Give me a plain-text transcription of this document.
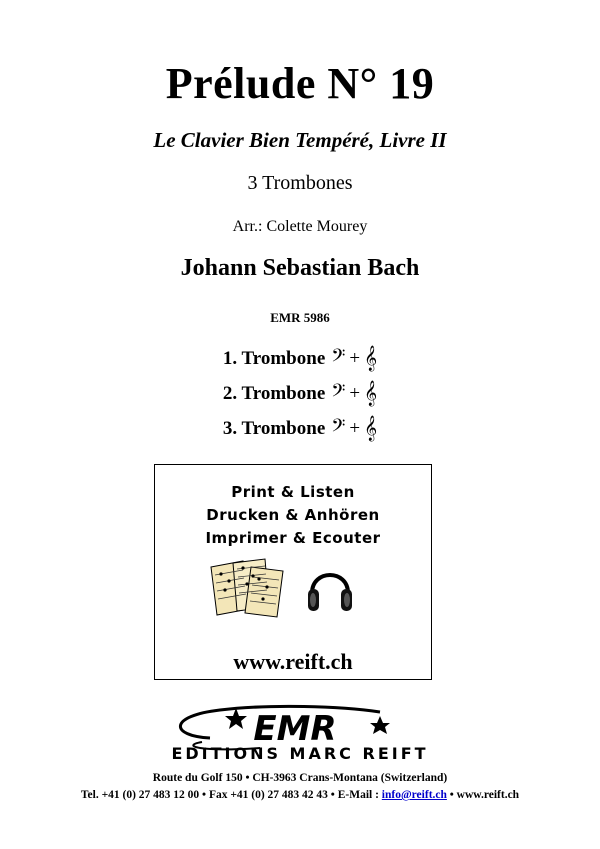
Prélude N° 19
Le Clavier Bien Tempéré, Livre II
3 Trombones
Arr.: Colette Mourey
Johann Sebastian Bach
EMR 5986
1. Trombone 𝄢 + 𝄞
2. Trombone 𝄢 + 𝄞
3. Trombone 𝄢 + 𝄞
Print & Listen
Drucken & Anhören
Imprimer & Ecouter
www.reift.ch
EMR
EDITIONS MARC REIFT
Route du Golf 150 • CH-3963 Crans-Montana (Switzerland)
Tel. +41 (0) 27 483 12 00 • Fax +41 (0) 27 483 42 43 • E-Mail : info@reift.ch • www.reift.ch
